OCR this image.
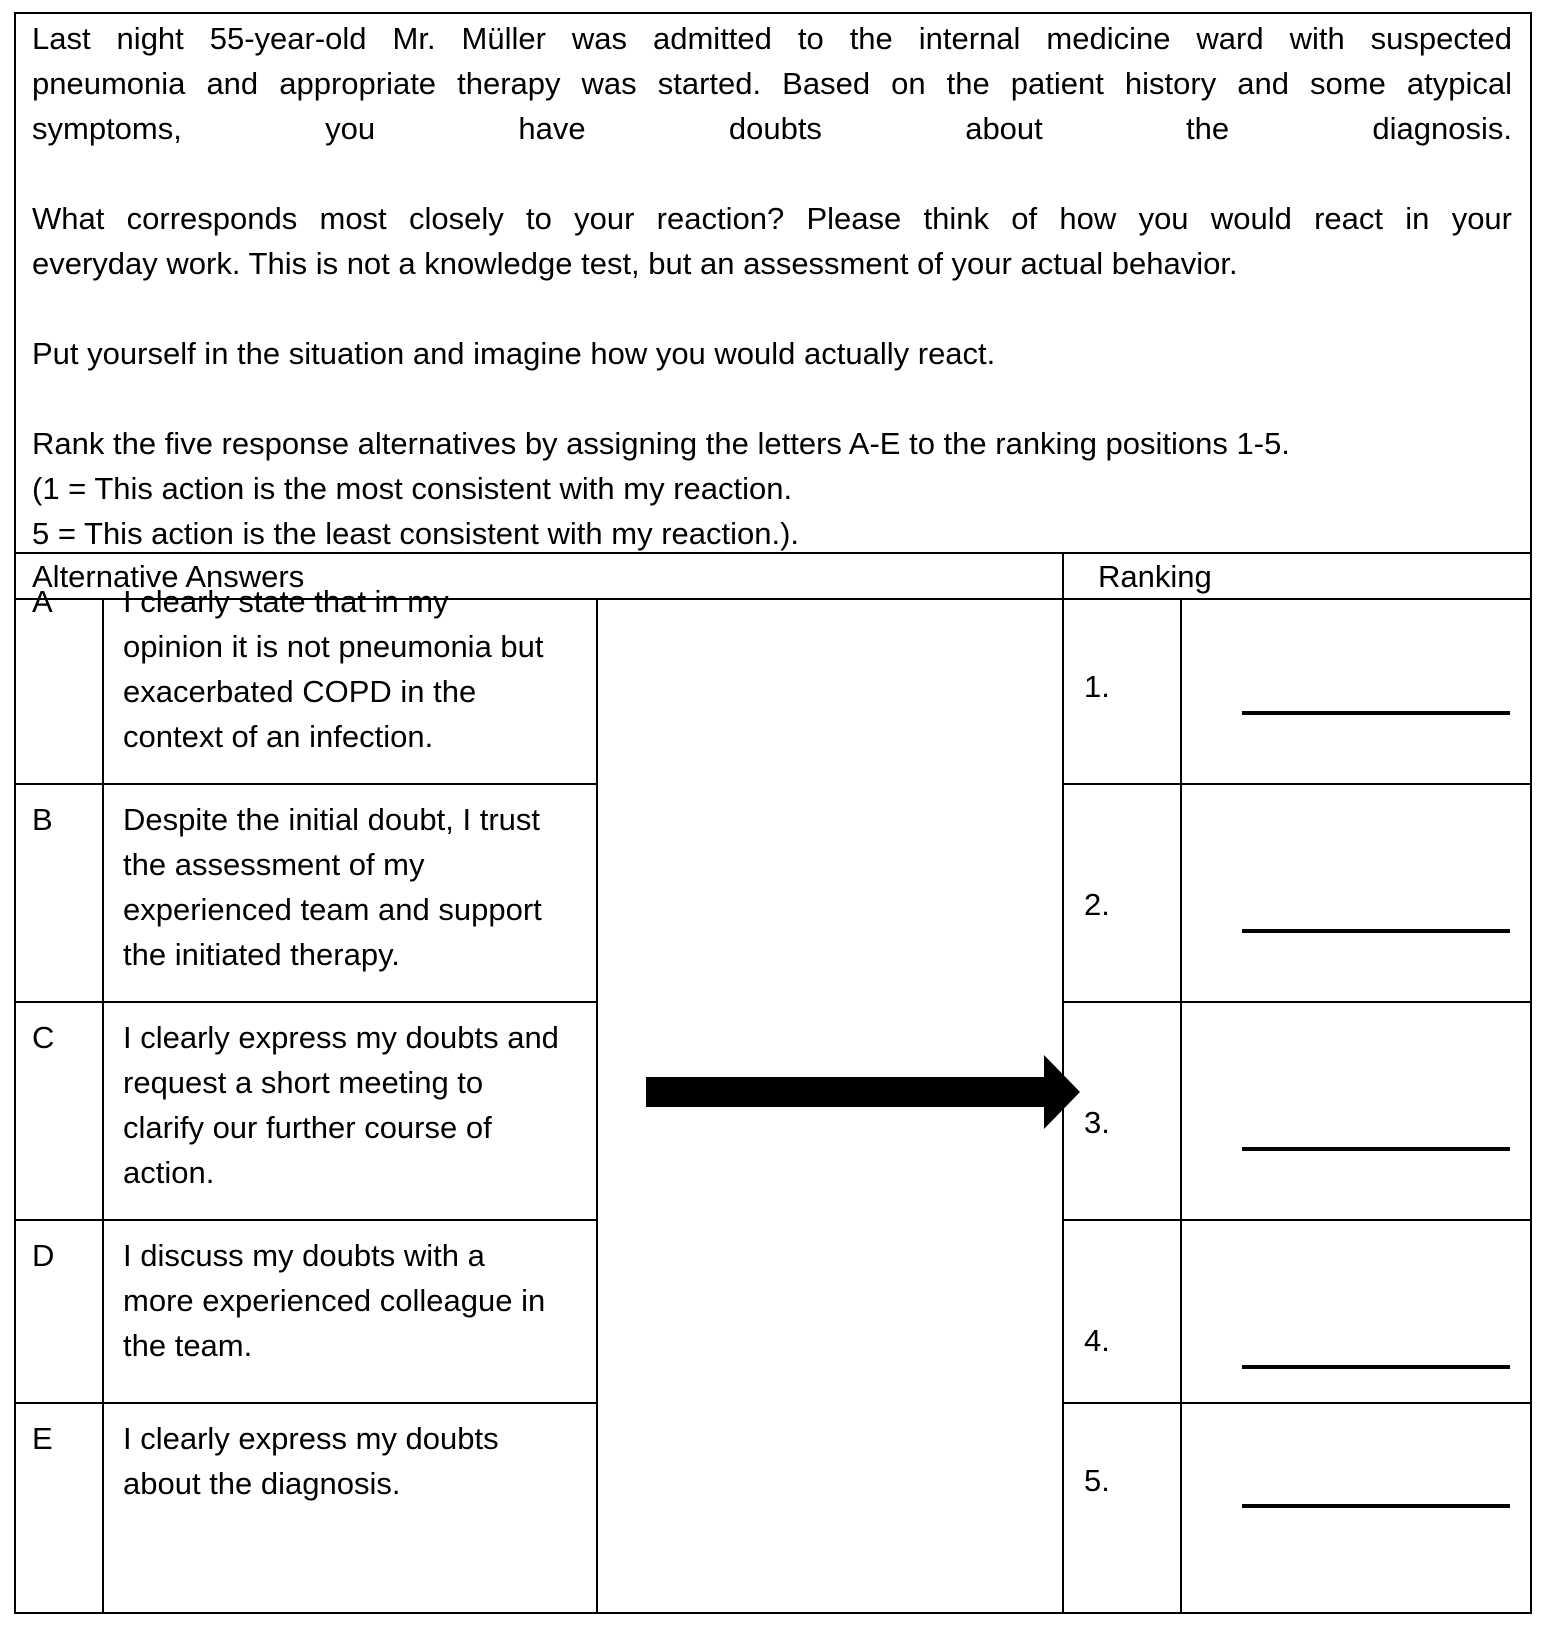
Last night 55-year-old Mr. Müller was admitted to the internal medicine ward with suspected
pneumonia and appropriate therapy was started. Based on the patient history and some atypical
symptoms, you have doubts about the diagnosis.

What corresponds most closely to your reaction? Please think of how you would react in your
everyday work. This is not a knowledge test, but an assessment of your actual behavior.

Put yourself in the situation and imagine how you would actually react.

Rank the five response alternatives by assigning the letters A-E to the ranking positions 1-5.
(1 = This action is the most consistent with my reaction.
5 = This action is the least consistent with my reaction.).

Alternative Answers	Ranking
A I clearly state that in my
opinion it is not pneumonia but
exacerbated COPD in the
context of an infection.
B Despite the initial doubt, I trust
the assessment of my
experienced team and support
the initiated therapy.
C I clearly express my doubts and
request a short meeting to
clarify our further course of
action.
D I discuss my doubts with a
more experienced colleague in
the team.
E I clearly express my doubts
about the diagnosis.
1.
2.
3.
4.
5.
